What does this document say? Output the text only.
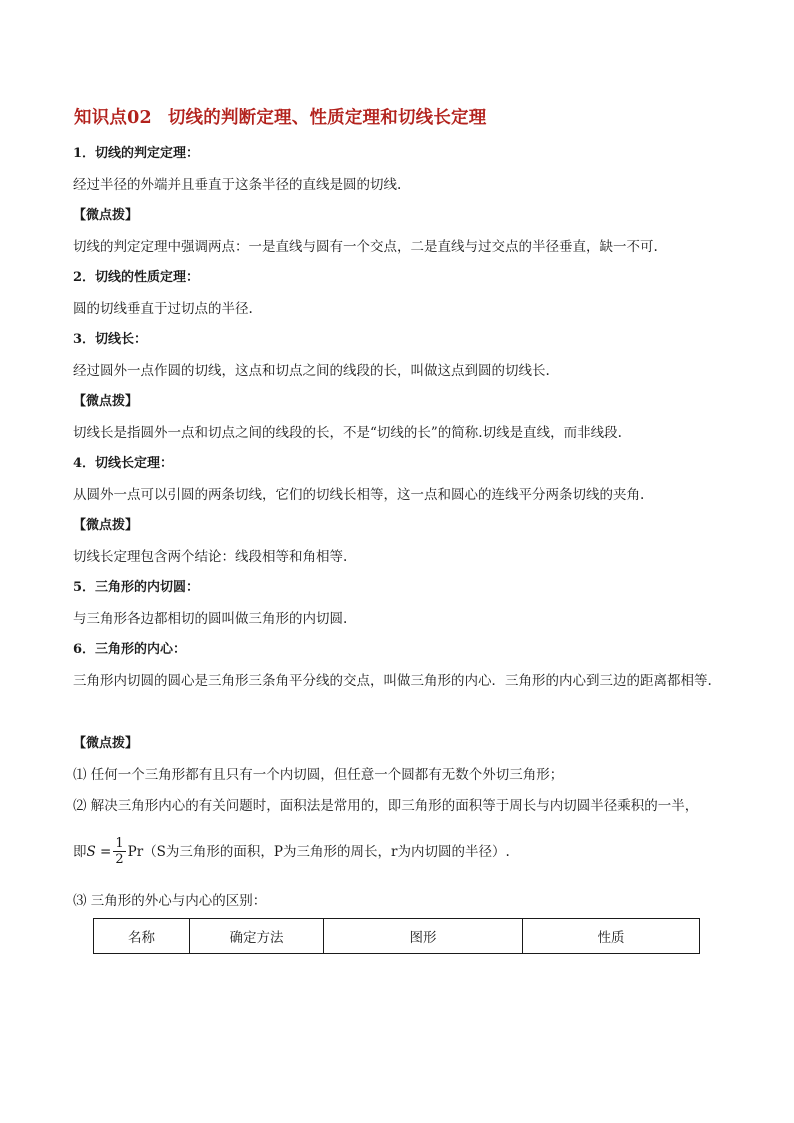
知识点02 切线的判断定理、性质定理和切线长定理

1．切线的判定定理：

经过半径的外端并且垂直于这条半径的直线是圆的切线.

【微点拨】

切线的判定定理中强调两点：一是直线与圆有一个交点，二是直线与过交点的半径垂直，缺一不可.

2．切线的性质定理：

圆的切线垂直于过切点的半径.

3．切线长：

经过圆外一点作圆的切线，这点和切点之间的线段的长，叫做这点到圆的切线长.

【微点拨】

切线长是指圆外一点和切点之间的线段的长，不是“切线的长”的简称.切线是直线，而非线段.

4．切线长定理：

从圆外一点可以引圆的两条切线，它们的切线长相等，这一点和圆心的连线平分两条切线的夹角.

【微点拨】

切线长定理包含两个结论：线段相等和角相等.

5．三角形的内切圆：

与三角形各边都相切的圆叫做三角形的内切圆.

6．三角形的内心：

三角形内切圆的圆心是三角形三条角平分线的交点，叫做三角形的内心．三角形的内心到三边的距离都相等.

【微点拨】

⑴ 任何一个三角形都有且只有一个内切圆，但任意一个圆都有无数个外切三角形；

⑵ 解决三角形内心的有关问题时，面积法是常用的，即三角形的面积等于周长与内切圆半径乘积的一半，

即 $S = \frac{1}{2}$ Pr （S为三角形的面积，P为三角形的周长，r为内切圆的半径）.

⑶ 三角形的外心与内心的区别：

名称	确定方法	图形	性质
